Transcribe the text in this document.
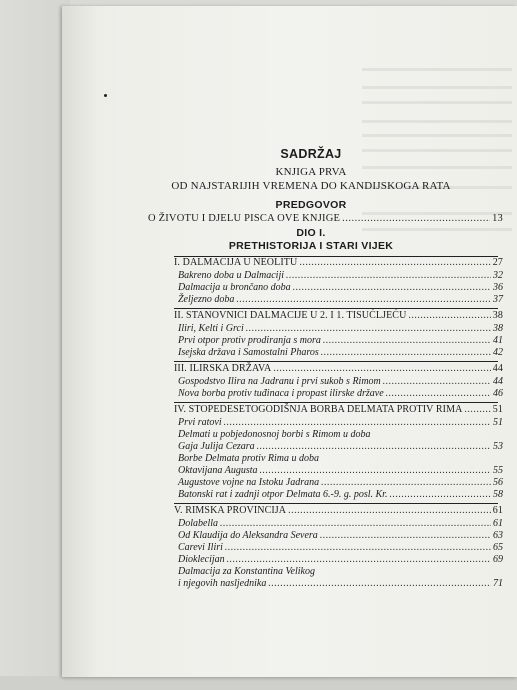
SADRŽAJ
KNJIGA PRVA
OD NAJSTARIJIH VREMENA DO KANDIJSKOGA RATA
PREDGOVOR
O ŽIVOTU I DJELU PISCA OVE KNJIGE .....	13
DIO I.
PRETHISTORIJA I STARI VIJEK
I. DALMACIJA U NEOLITU .....	27
Bakreno doba u Dalmaciji .....	32
Dalmacija u brončano doba .....	36
Željezno doba .....	37
II. STANOVNICI DALMACIJE U 2. I 1. TISUĆLJEĆU .....	38
Iliri, Kelti i Grci .....	38
Prvi otpor protiv prodiranja s mora .....	41
Isejska država i Samostalni Pharos .....	42
III. ILIRSKA DRŽAVA .....	44
Gospodstvo Ilira na Jadranu i prvi sukob s Rimom .....	44
Nova borba protiv tuđinaca i propast ilirske države .....	46
IV. STOPEDESETOGODIŠNJA BORBA DELMATA PROTIV RIMA .....	51
Prvi ratovi .....	51
Delmati u pobjedonosnoj borbi s Rimom u doba
Gaja Julija Cezara .....	53
Borbe Delmata protiv Rima u doba
Oktavijana Augusta .....	55
Augustove vojne na Istoku Jadrana .....	56
Batonski rat i zadnji otpor Delmata 6.-9. g. posl. Kr. .....	58
V. RIMSKA PROVINCIJA .....	61
Dolabella .....	61
Od Klaudija do Aleksandra Severa .....	63
Carevi Iliri .....	65
Dioklecijan .....	69
Dalmacija za Konstantina Velikog
i njegovih nasljednika .....	71
